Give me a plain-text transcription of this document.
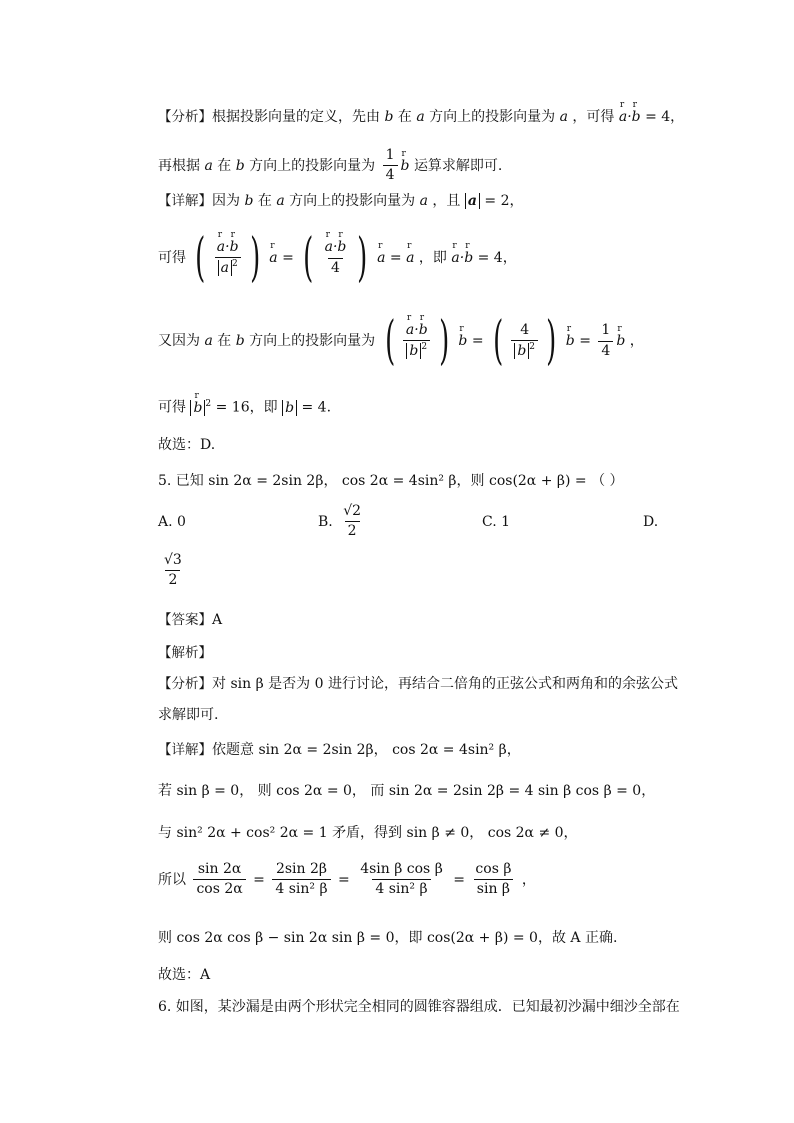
【分析】根据投影向量的定义，先由 b 在 a 方向上的投影向量为 a ，可得 r a·r b = 4，
再根据 a 在 b 方向上的投影向量为 $\frac{1}{4}$ r b 运算求解即可.
【详解】因为 b 在 a 方向上的投影向量为 a ，且 a = 2，
可得 ( r $\frac{\text{a·r b}}{a ^2}$ ) r a = ( r $\frac{\text{a·r b}}{4}$ ) r a = r a ，即 r a·r b = 4，
又因为 a 在 b 方向上的投影向量为 ( r $\frac{\text{a·r b}}{b ^2}$ ) r b = ( $\frac{4}{b ^2}$ ) r $b = \frac{1}{4}$ r b ，
可得 r b $^2$ = 16，即 b = 4.
故选：D.
5. 已知 sin 2α = 2sin 2β， cos 2α = 4sin² β，则 cos(2α + β) = （ ）
A. 0	B. $\frac{√2}{2}$	C. 1	D.
$\frac{√3}{2}$
【答案】A
【解析】
【分析】对 sin β 是否为 0 进行讨论，再结合二倍角的正弦公式和两角和的余弦公式
求解即可.
【详解】依题意 sin 2α = 2sin 2β， cos 2α = 4sin² β，
若 sin β = 0， 则 cos 2α = 0， 而 sin 2α = 2sin 2β = 4 sin β cos β = 0，
与 sin² 2α + cos² 2α = 1 矛盾，得到 sin β ≠ 0， cos 2α ≠ 0，
所以 $\frac{\sin 2\alpha}{\cos 2\alpha} = \frac{2\sin 2\beta}{\text{4 sin² β}} = \frac{\text{4sin β cos β}}{\text{4 sin² β}} = \frac{\text{cos β}}{\text{sin β}}$ ，
则 cos 2α cos β − sin 2α sin β = 0，即 cos(2α + β) = 0，故 A 正确.
故选：A
6. 如图，某沙漏是由两个形状完全相同的圆锥容器组成．已知最初沙漏中细沙全部在
